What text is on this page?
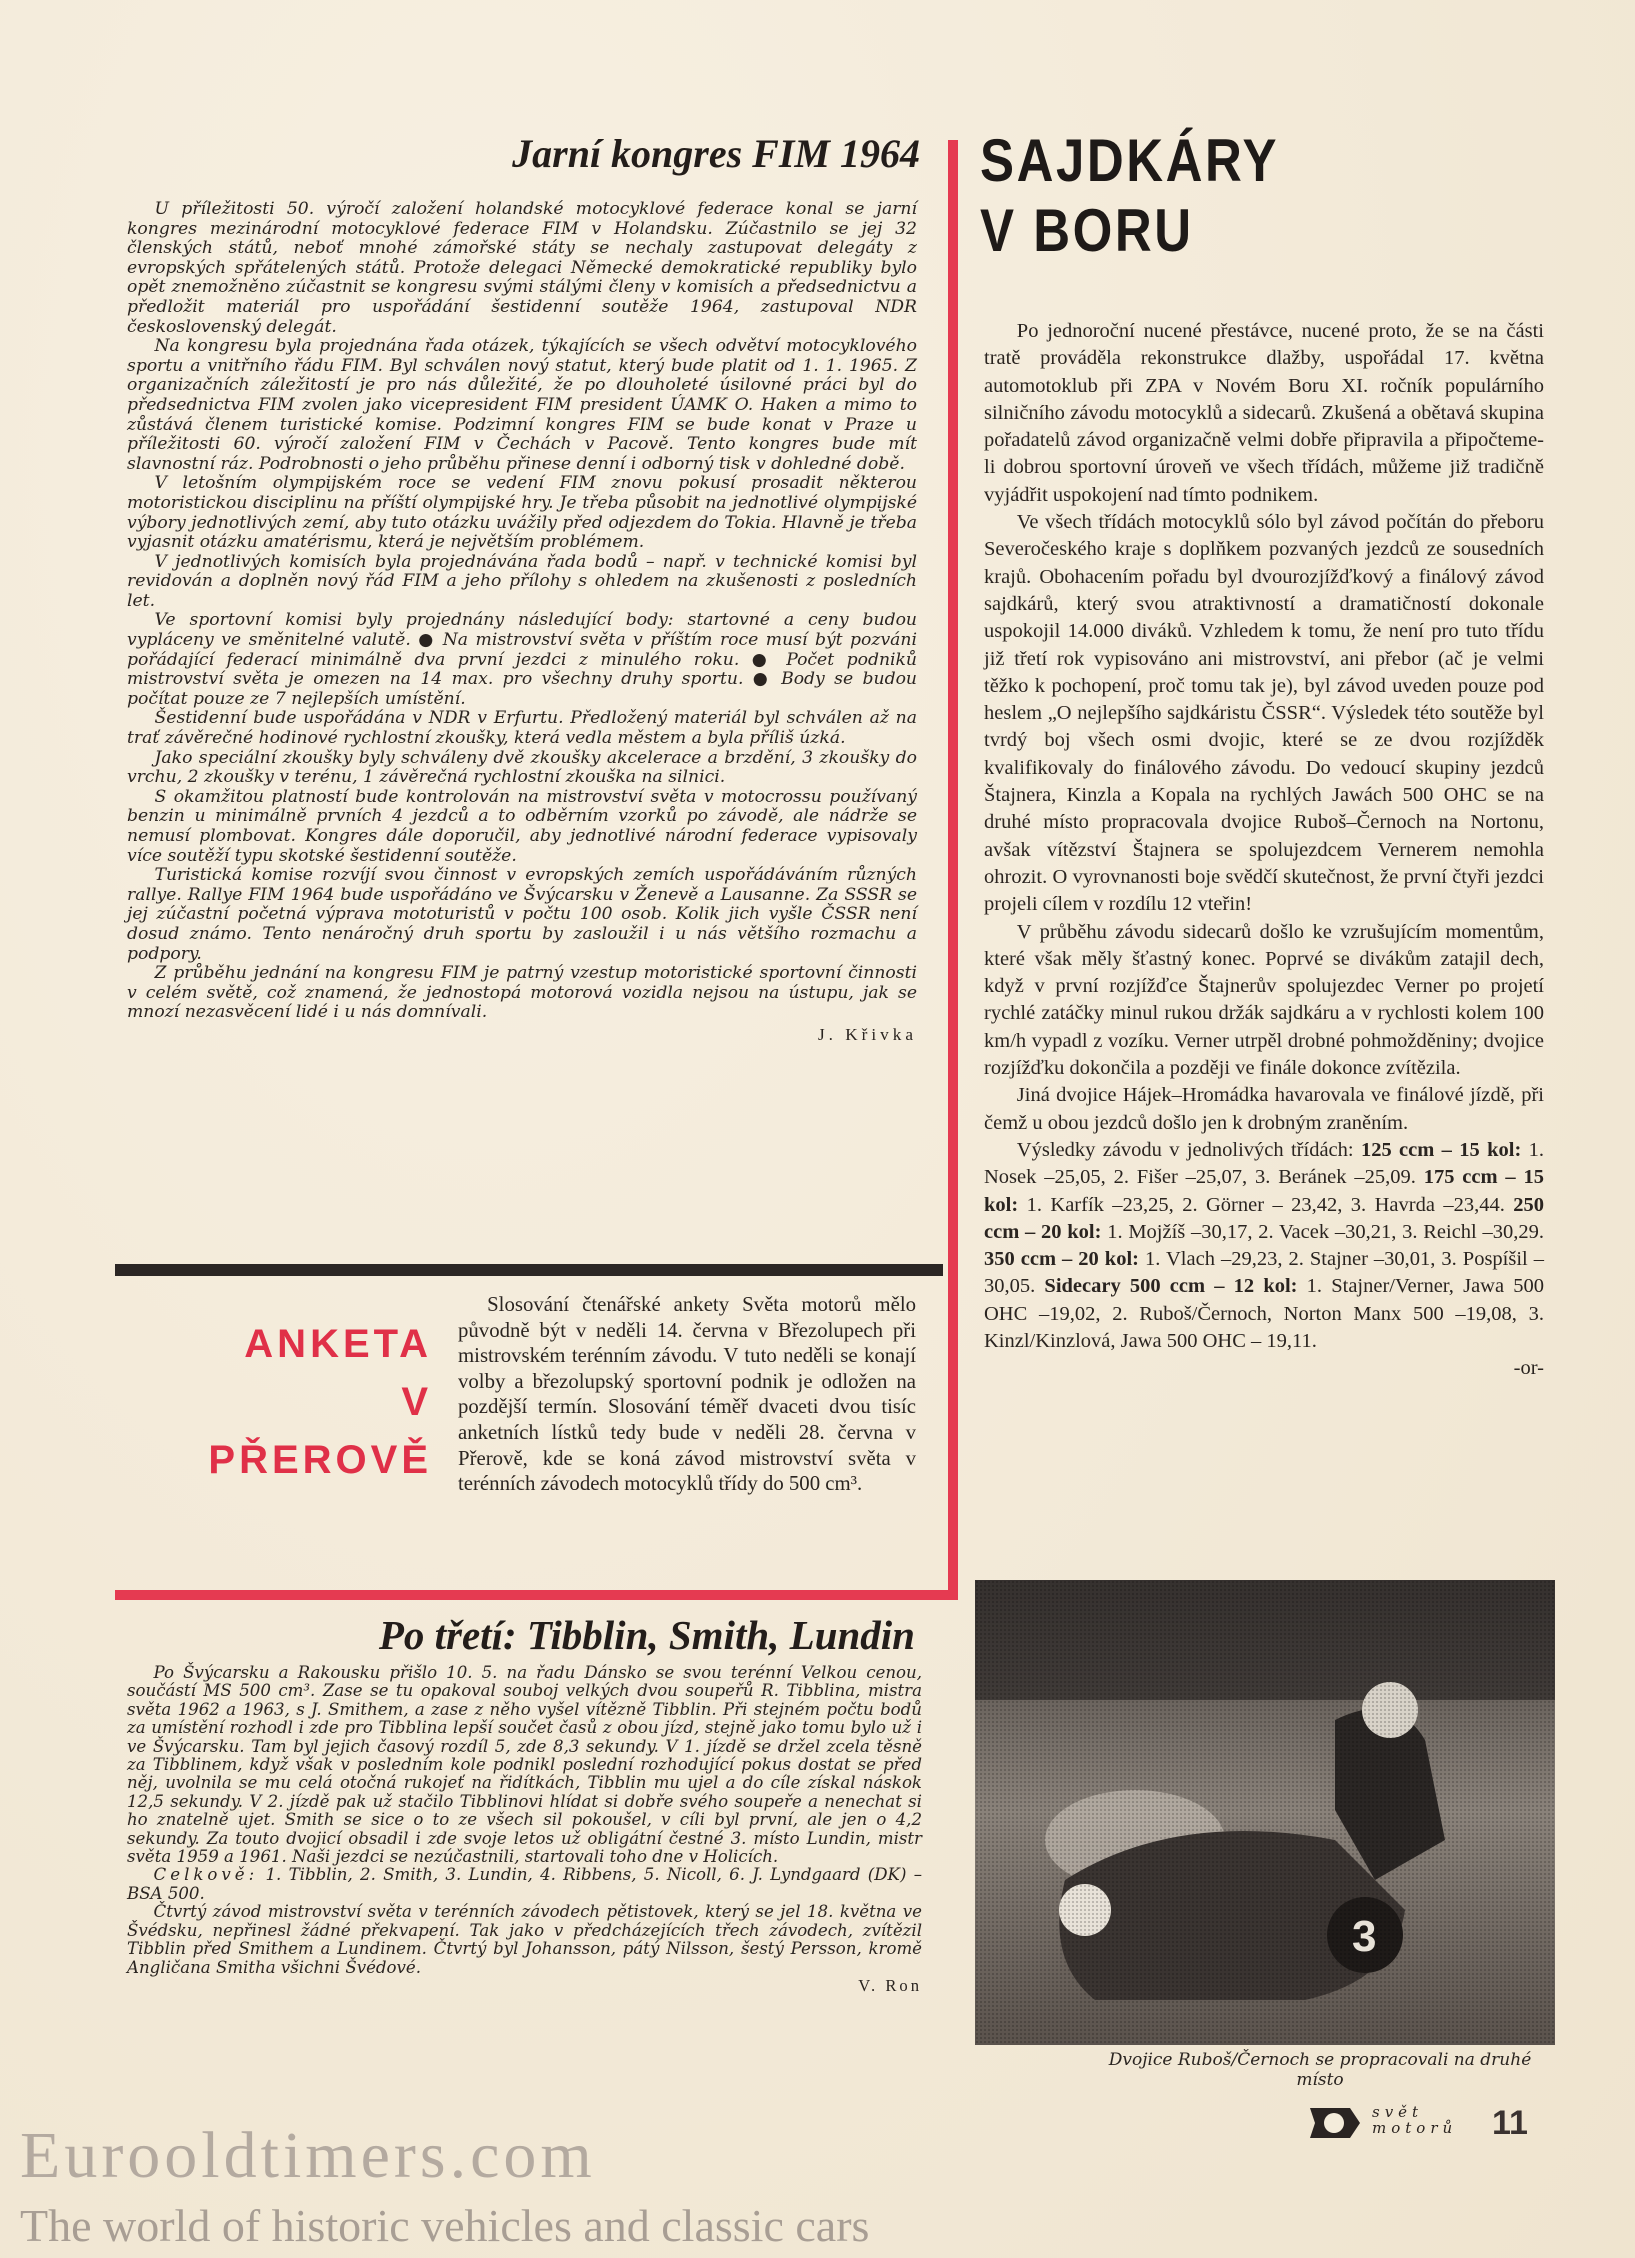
Jarní kongres FIM 1964

U příležitosti 50. výročí založení holandské motocyklové federace konal se jarní kongres mezinárodní motocyklové federace FIM v Holandsku. Zúčastnilo se jej 32 členských států, neboť mnohé zámořské státy se nechaly zastupovat delegáty z evropských spřátelených států. Protože delegaci Německé demokratické republiky bylo opět znemožněno zúčastnit se kongresu svými stálými členy v komisích a předsednictvu a předložit materiál pro uspořádání šestidenní soutěže 1964, zastupoval NDR československý delegát.

Na kongresu byla projednána řada otázek, týkajících se všech odvětví motocyklového sportu a vnitřního řádu FIM. Byl schválen nový statut, který bude platit od 1. 1. 1965. Z organizačních záležitostí je pro nás důležité, že po dlouholeté úsilovné práci byl do předsednictva FIM zvolen jako vicepresident FIM president ÚAMK O. Haken a mimo to zůstává členem turistické komise. Podzimní kongres FIM se bude konat v Praze u příležitosti 60. výročí založení FIM v Čechách v Pacově. Tento kongres bude mít slavnostní ráz. Podrobnosti o jeho průběhu přinese denní i odborný tisk v dohledné době.

V letošním olympijském roce se vedení FIM znovu pokusí prosadit některou motoristickou disciplinu na příští olympijské hry. Je třeba působit na jednotlivé olympijské výbory jednotlivých zemí, aby tuto otázku uvážily před odjezdem do Tokia. Hlavně je třeba vyjasnit otázku amatérismu, která je největším problémem.

V jednotlivých komisích byla projednávána řada bodů – např. v technické komisi byl revidován a doplněn nový řád FIM a jeho přílohy s ohledem na zkušenosti z posledních let.

Ve sportovní komisi byly projednány následující body: startovné a ceny budou vypláceny ve směnitelné valutě. ● Na mistrovství světa v příštím roce musí být pozváni pořádající federací minimálně dva první jezdci z minulého roku. ● Počet podniků mistrovství světa je omezen na 14 max. pro všechny druhy sportu. ● Body se budou počítat pouze ze 7 nejlepších umístění.

Šestidenní bude uspořádána v NDR v Erfurtu. Předložený materiál byl schválen až na trať závěrečné hodinové rychlostní zkoušky, která vedla městem a byla příliš úzká.

Jako speciální zkoušky byly schváleny dvě zkoušky akcelerace a brzdění, 3 zkoušky do vrchu, 2 zkoušky v terénu, 1 závěrečná rychlostní zkouška na silnici.

S okamžitou platností bude kontrolován na mistrovství světa v motocrossu používaný benzin u minimálně prvních 4 jezdců a to odběrním vzorků po závodě, ale nádrže se nemusí plombovat. Kongres dále doporučil, aby jednotlivé národní federace vypisovaly více soutěží typu skotské šestidenní soutěže.

Turistická komise rozvíjí svou činnost v evropských zemích uspořádáváním různých rallye. Rallye FIM 1964 bude uspořádáno ve Švýcarsku v Ženevě a Lausanne. Za SSSR se jej zúčastní početná výprava mototuristů v počtu 100 osob. Kolik jich vyšle ČSSR není dosud známo. Tento nenáročný druh sportu by zasloužil i u nás většího rozmachu a podpory.

Z průběhu jednání na kongresu FIM je patrný vzestup motoristické sportovní činnosti v celém světě, což znamená, že jednostopá motorová vozidla nejsou na ústupu, jak se mnozí nezasvěcení lidé i u nás domnívali.

J. Křivka
SAJDKÁRY
V BORU

Po jednoroční nucené přestávce, nucené proto, že se na části tratě prováděla rekonstrukce dlažby, uspořádal 17. května automotoklub při ZPA v Novém Boru XI. ročník populárního silničního závodu motocyklů a sidecarů. Zkušená a obětavá skupina pořadatelů závod organizačně velmi dobře připravila a připočteme-li dobrou sportovní úroveň ve všech třídách, můžeme již tradičně vyjádřit uspokojení nad tímto podnikem.

Ve všech třídách motocyklů sólo byl závod počítán do přeboru Severočeského kraje s doplňkem pozvaných jezdců ze sousedních krajů. Obohacením pořadu byl dvourozjížďkový a finálový závod sajdkárů, který svou atraktivností a dramatičností dokonale uspokojil 14.000 diváků. Vzhledem k tomu, že není pro tuto třídu již třetí rok vypisováno ani mistrovství, ani přebor (ač je velmi těžko k pochopení, proč tomu tak je), byl závod uveden pouze pod heslem „O nejlepšího sajdkáristu ČSSR“. Výsledek této soutěže byl tvrdý boj všech osmi dvojic, které se ze dvou rozjížděk kvalifikovaly do finálového závodu. Do vedoucí skupiny jezdců Štajnera, Kinzla a Kopala na rychlých Jawách 500 OHC se na druhé místo propracovala dvojice Ruboš–Černoch na Nortonu, avšak vítězství Štajnera se spolujezdcem Vernerem nemohla ohrozit. O vyrovnanosti boje svědčí skutečnost, že první čtyři jezdci projeli cílem v rozdílu 12 vteřin!

V průběhu závodu sidecarů došlo ke vzrušujícím momentům, které však měly šťastný konec. Poprvé se divákům zatajil dech, když v první rozjížďce Štajnerův spolujezdec Verner po projetí rychlé zatáčky minul rukou držák sajdkáru a v rychlosti kolem 100 km/h vypadl z vozíku. Verner utrpěl drobné pohmožděniny; dvojice rozjížďku dokončila a později ve finále dokonce zvítězila.

Jiná dvojice Hájek–Hromádka havarovala ve finálové jízdě, při čemž u obou jezdců došlo jen k drobným zraněním.

Výsledky závodu v jednolivých třídách: 125 ccm – 15 kol: 1. Nosek –25,05, 2. Fišer –25,07, 3. Beránek –25,09. 175 ccm – 15 kol: 1. Karfík –23,25, 2. Görner – 23,42, 3. Havrda –23,44. 250 ccm – 20 kol: 1. Mojžíš –30,17, 2. Vacek –30,21, 3. Reichl –30,29. 350 ccm – 20 kol: 1. Vlach –29,23, 2. Stajner –30,01, 3. Pospíšil –30,05. Sidecary 500 ccm – 12 kol: 1. Stajner/Verner, Jawa 500 OHC –19,02, 2. Ruboš/Černoch, Norton Manx 500 –19,08, 3. Kinzl/Kinzlová, Jawa 500 OHC – 19,11.

-or-
ANKETA
V PŘEROVĚ

Slosování čtenářské ankety Světa motorů mělo původně být v neděli 14. června v Březolupech při mistrovském terénním závodu. V tuto neděli se konají volby a březolupský sportovní podnik je odložen na pozdější termín. Slosování téměř dvaceti dvou tisíc anketních lístků tedy bude v neděli 28. června v Přerově, kde se koná závod mistrovství světa v terénních závodech motocyklů třídy do 500 cm³.

Po třetí: Tibblin, Smith, Lundin

Po Švýcarsku a Rakousku přišlo 10. 5. na řadu Dánsko se svou terénní Velkou cenou, součástí MS 500 cm³. Zase se tu opakoval souboj velkých dvou soupeřů R. Tibblina, mistra světa 1962 a 1963, s J. Smithem, a zase z něho vyšel vítězně Tibblin. Při stejném počtu bodů za umístění rozhodl i zde pro Tibblina lepší součet časů z obou jízd, stejně jako tomu bylo už i ve Švýcarsku. Tam byl jejich časový rozdíl 5, zde 8,3 sekundy. V 1. jízdě se držel zcela těsně za Tibblinem, když však v posledním kole podnikl poslední rozhodující pokus dostat se před něj, uvolnila se mu celá otočná rukojeť na řidítkách, Tibblin mu ujel a do cíle získal náskok 12,5 sekundy. V 2. jízdě pak už stačilo Tibblinovi hlídat si dobře svého soupeře a nenechat si ho znatelně ujet. Smith se sice o to ze všech sil pokoušel, v cíli byl první, ale jen o 4,2 sekundy. Za touto dvojicí obsadil i zde svoje letos už obligátní čestné 3. místo Lundin, mistr světa 1959 a 1961. Naši jezdci se nezúčastnili, startovali toho dne v Holicích.

Celkově: 1. Tibblin, 2. Smith, 3. Lundin, 4. Ribbens, 5. Nicoll, 6. J. Lyndgaard (DK) – BSA 500.

Čtvrtý závod mistrovství světa v terénních závodech pětistovek, který se jel 18. května ve Švédsku, nepřinesl žádné překvapení. Tak jako v předcházejících třech závodech, zvítězil Tibblin před Smithem a Lundinem. Čtvrtý byl Johansson, pátý Nilsson, šestý Persson, kromě Angličana Smitha všichni Švédové.

V. Ron
3
Dvojice Ruboš/Černoch se propracovali na druhé místo
svět
motorů 11
Eurooldtimers.com
The world of historic vehicles and classic cars
